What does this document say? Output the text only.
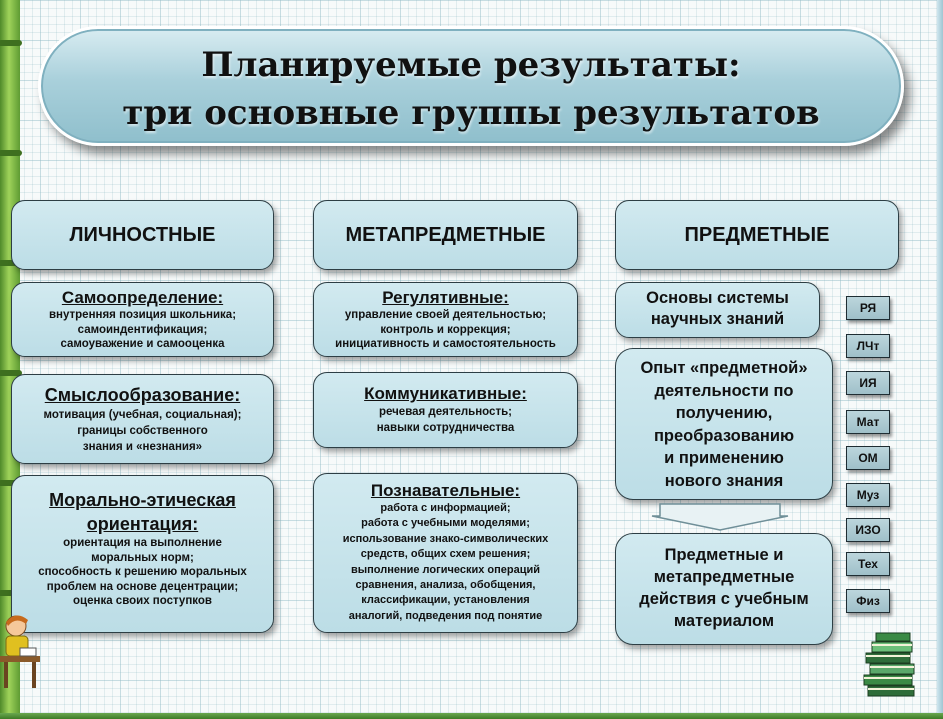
Планируемые результаты:
три основные группы результатов
ЛИЧНОСТНЫЕ	МЕТАПРЕДМЕТНЫЕ	ПРЕДМЕТНЫЕ
Самоопределение:
внутренняя позиция школьника;
самоиндентификация;
самоуважение и самооценка
Смыслообразование:
мотивация (учебная, социальная);
границы собственного
знания и «незнания»
Морально-этическая
ориентация:
ориентация на выполнение
моральных норм;
способность к решению моральных
проблем на основе децентрации;
оценка своих поступков
Регулятивные:
управление своей деятельностью;
контроль и коррекция;
инициативность и самостоятельность
Коммуникативные:
речевая деятельность;
навыки сотрудничества
Познавательные:
работа с информацией;
работа с учебными моделями;
использование знако-символических
средств, общих схем решения;
выполнение логических операций
сравнения, анализа, обобщения,
классификации, установления
аналогий, подведения под понятие
Основы системы
научных знаний
Опыт «предметной»
деятельности по
получению,
преобразованию
и применению
нового знания
Предметные и
метапредметные
действия с учебным
материалом
РЯ
ЛЧт
ИЯ
Мат
ОМ
Муз
ИЗО
Тех
Физ
